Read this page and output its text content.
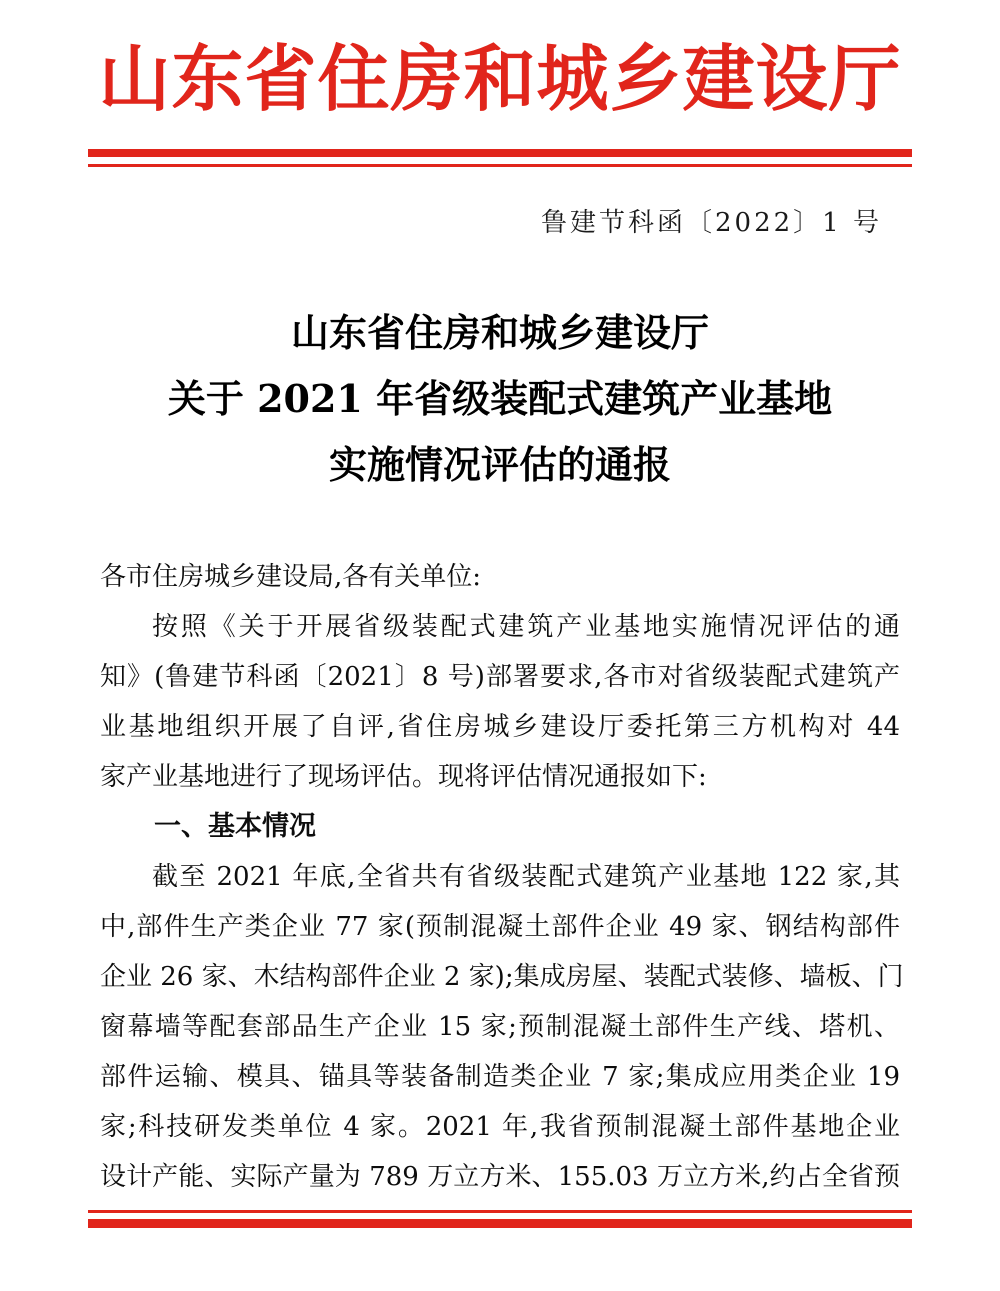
山东省住房和城乡建设厅
鲁建节科函〔2022〕1 号
山东省住房和城乡建设厅
关于 2021 年省级装配式建筑产业基地
实施情况评估的通报
各市住房城乡建设局,各有关单位:
按照《关于开展省级装配式建筑产业基地实施情况评估的通
知》(鲁建节科函〔2021〕8 号)部署要求,各市对省级装配式建筑产
业基地组织开展了自评,省住房城乡建设厅委托第三方机构对 44
家产业基地进行了现场评估。现将评估情况通报如下:
一、基本情况
截至 2021 年底,全省共有省级装配式建筑产业基地 122 家,其
中,部件生产类企业 77 家(预制混凝土部件企业 49 家、钢结构部件
企业 26 家、木结构部件企业 2 家);集成房屋、装配式装修、墙板、门
窗幕墙等配套部品生产企业 15 家;预制混凝土部件生产线、塔机、
部件运输、模具、锚具等装备制造类企业 7 家;集成应用类企业 19
家;科技研发类单位 4 家。2021 年,我省预制混凝土部件基地企业
设计产能、实际产量为 789 万立方米、155.03 万立方米,约占全省预
